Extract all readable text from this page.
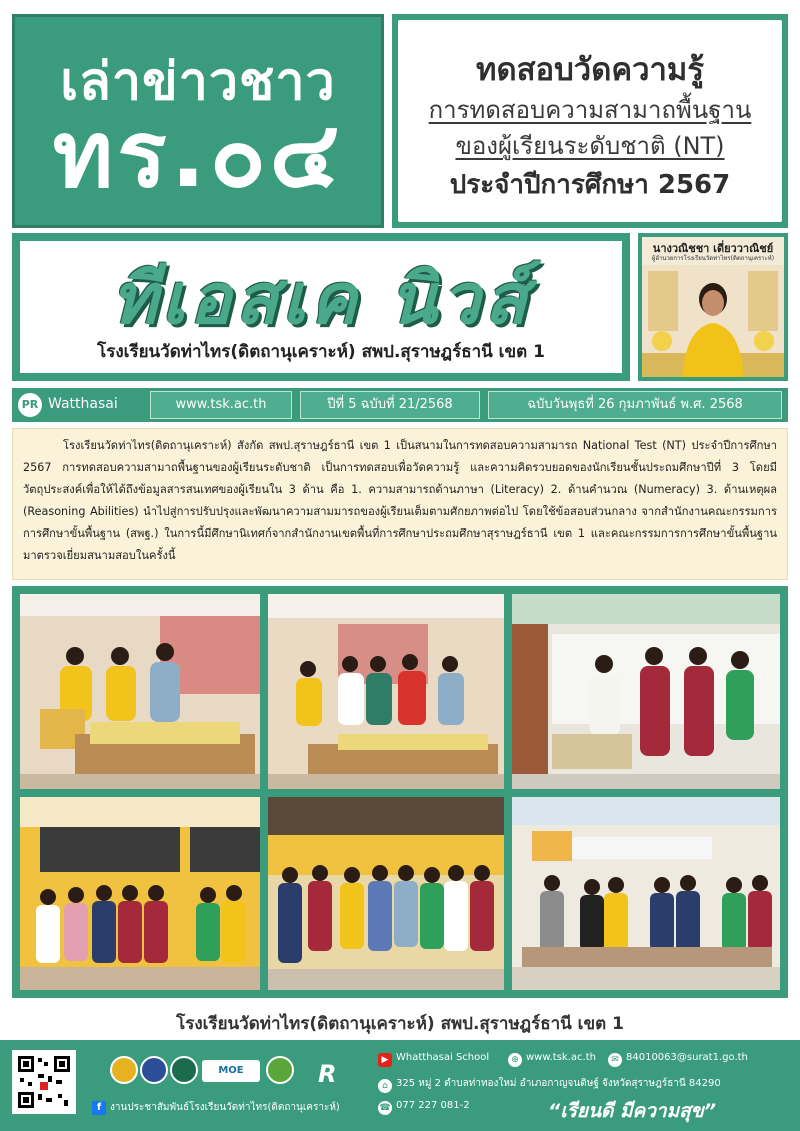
เล่าข่าวชาว
ทร.๐๔
ทดสอบวัดความรู้
การทดสอบความสามาถพื้นฐาน
ของผู้เรียนระดับชาติ (NT)
ประจำปีการศึกษา 2567
ทีเอสเค นิวส์
โรงเรียนวัดท่าไทร(ดิตถานุเคราะห์) สพป.สุราษฎร์ธานี เขต 1
นางวณิชชา เดี่ยววาณิชย์
ผู้อำนวยการโรงเรียนวัดท่าไทร(ดิตถานุเคราะห์)
PR Watthasai	www.tsk.ac.th	ปีที่ 5 ฉบับที่ 21/2568	ฉบับวันพุธที่ 26 กุมภาพันธ์ พ.ศ. 2568

โรงเรียนวัดท่าไทร(ดิตถานุเคราะห์) สังกัด สพป.สุราษฎร์ธานี เขต 1 เป็นสนามในการทดสอบความสามารถ National Test (NT) ประจำปีการศึกษา 2567 การทดสอบความสามาถพื้นฐานของผู้เรียนระดับชาติ เป็นการทดสอบเพื่อวัดความรู้ และความคิดรวบยอดของนักเรียนชั้นประถมศึกษาปีที่ 3 โดยมีวัตถุประสงค์เพื่อให้ได้ถึงข้อมูลสารสนเทศของผู้เรียนใน 3 ด้าน คือ 1. ความสามารถด้านภาษา (Literacy) 2. ด้านคำนวณ (Numeracy) 3. ด้านเหตุผล (Reasoning Abilities) นำไปสู่การปรับปรุงและพัฒนาความสามมารถของผู้เรียนเต็มตามศักยภาพต่อไป โดยใช้ข้อสอบส่วนกลาง จากสำนักงานคณะกรรมการการศึกษาขั้นพื้นฐาน (สพฐ.) ในการนี้มีศึกษานิเทศก์จากสำนักงานเขตพื้นที่การศึกษาประถมศึกษาสุราษฎร์ธานี เขต 1 และคณะกรรมการการศึกษาขั้นพื้นฐานมาตรวจเยี่ยมสนามสอบในครั้งนี้

โรงเรียนวัดท่าไทร(ดิตถานุเคราะห์) สพป.สุราษฎร์ธานี เขต 1
MOE
f งานประชาสัมพันธ์โรงเรียนวัดท่าไทร(ดิตถานุเคราะห์)
R	▶ Whatthasai School	⊕ www.tsk.ac.th	✉ 84010063@surat1.go.th
⌂ 325 หมู่ 2 ตำบลท่าทองใหม่ อำเภอกาญจนดิษฐ์ จังหวัดสุราษฎร์ธานี 84290
☎ 077 227 081-2	“เรียนดี มีความสุข”
